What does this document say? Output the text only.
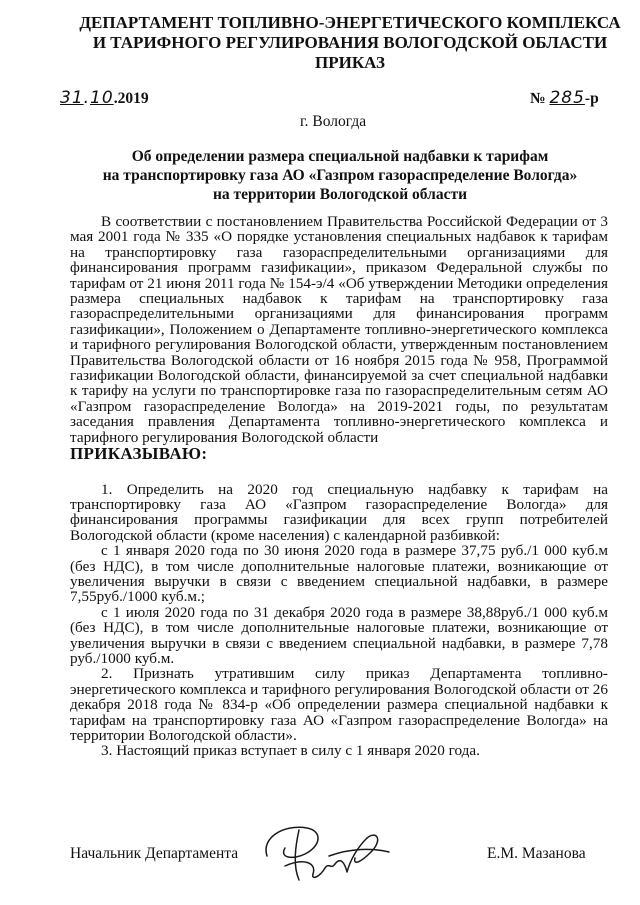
ДЕПАРТАМЕНТ ТОПЛИВНО-ЭНЕРГЕТИЧЕСКОГО КОМПЛЕКСА
И ТАРИФНОГО РЕГУЛИРОВАНИЯ ВОЛОГОДСКОЙ ОБЛАСТИ
ПРИКАЗ
31.10.2019	№ 285-р
г. Вологда
Об определении размера специальной надбавки к тарифам
на транспортировку газа АО «Газпром газораспределение Вологда»
на территории Вологодской области

В соответствии с постановлением Правительства Российской Федерации от 3 мая 2001 года № 335 «О порядке установления специальных надбавок к тарифам на транспортировку газа газораспределительными организациями для финансирования программ газификации», приказом Федеральной службы по тарифам от 21 июня 2011 года № 154-э/4 «Об утверждении Методики определения размера специальных надбавок к тарифам на транспортировку газа газораспределительными организациями для финансирования программ газификации», Положением о Департаменте топливно-энергетического комплекса и тарифного регулирования Вологодской области, утвержденным постановлением Правительства Вологодской области от 16 ноября 2015 года № 958, Программой газификации Вологодской области, финансируемой за счет специальной надбавки к тарифу на услуги по транспортировке газа по газораспределительным сетям АО «Газпром газораспределение Вологда» на 2019-2021 годы, по результатам заседания правления Департамента топливно-энергетического комплекса и тарифного регулирования Вологодской области

ПРИКАЗЫВАЮ:

1. Определить на 2020 год специальную надбавку к тарифам на транспортировку газа АО «Газпром газораспределение Вологда» для финансирования программы газификации для всех групп потребителей Вологодской области (кроме населения) с календарной разбивкой:

с 1 января 2020 года по 30 июня 2020 года в размере 37,75 руб./1 000 куб.м (без НДС), в том числе дополнительные налоговые платежи, возникающие от увеличения выручки в связи с введением специальной надбавки, в размере 7,55руб./1000 куб.м.;

с 1 июля 2020 года по 31 декабря 2020 года в размере 38,88руб./1 000 куб.м (без НДС), в том числе дополнительные налоговые платежи, возникающие от увеличения выручки в связи с введением специальной надбавки, в размере 7,78 руб./1000 куб.м.

2. Признать утратившим силу приказ Департамента топливно-энергетического комплекса и тарифного регулирования Вологодской области от 26 декабря 2018 года № 834-р «Об определении размера специальной надбавки к тарифам на транспортировку газа АО «Газпром газораспределение Вологда» на территории Вологодской области».

3. Настоящий приказ вступает в силу с 1 января 2020 года.

Начальник Департамента	Е.М. Мазанова
